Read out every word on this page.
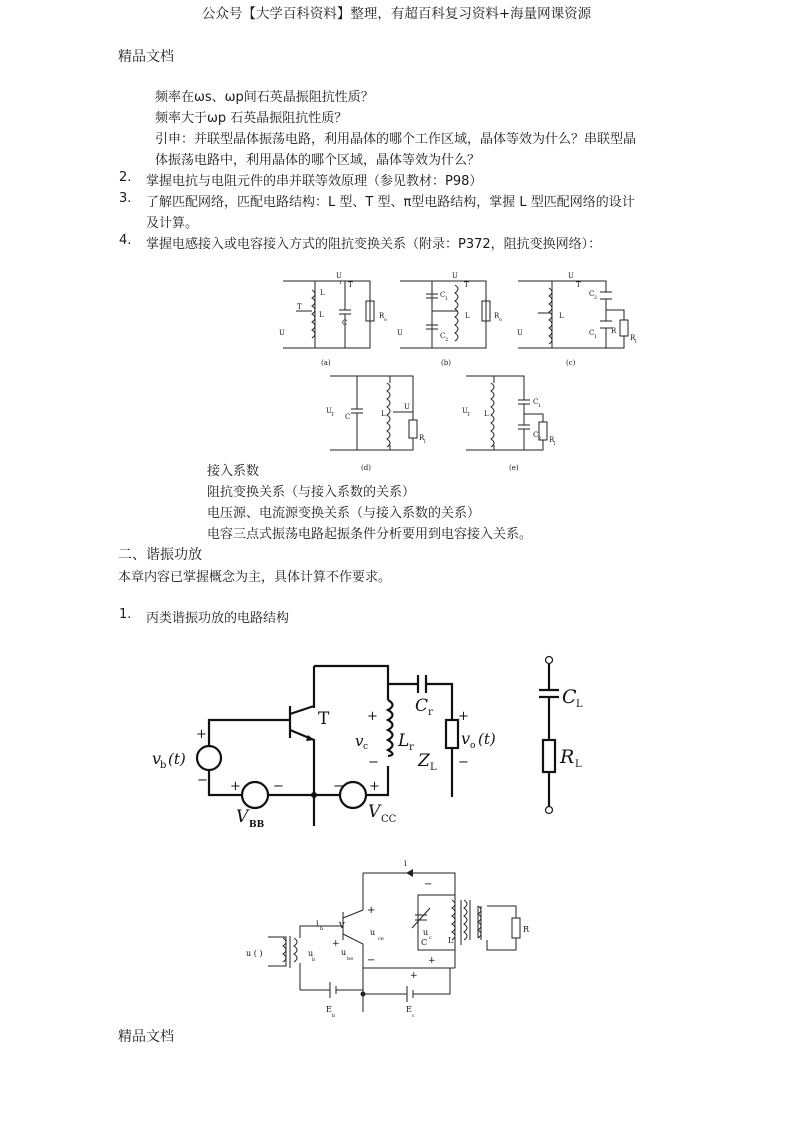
公众号【大学百科资料】整理，有超百科复习资料+海量网课资源
精品文档
精品文档
频率在ωs、ωp间石英晶振阻抗性质？
频率大于ωp 石英晶振阻抗性质？
引申：并联型晶体振荡电路，利用晶体的哪个工作区域，晶体等效为什么？串联型晶
体振荡电路中，利用晶体的哪个区域，晶体等效为什么？
2. 掌握电抗与电阻元件的串并联等效原理（参见教材：P98）
3. 了解匹配网络，匹配电路结构：L 型、T 型、π型电路结构，掌握 L 型匹配网络的设计
及计算。
4. 掌握电感接入或电容接入方式的阻抗变换关系（附录：P372，阻抗变换网络）：
T
U
T T
L
L
C
R o
U
(a)
C 1
C 2
U
T
L	R o
U
(b)
U
T
C 2
C 1
L
R
R l
U
(c)
U T C	L
U
R l
(d)
U T L
C 1
C 2 R l
(e)
接入系数
阻抗变换关系（与接入系数的关系）
电压源、电流源变换关系（与接入系数的关系）
电容三点式振荡电路起振条件分析要用到电容接入关系。
二、谐振功放
本章内容已掌握概念为主，具体计算不作要求。
1. 丙类谐振功放的电路结构
T
v
b (t)
+
− + −
V BB
− +
V CC
+
v c
−
L r
C r
Z L
+
v o (t)
−
C L
R L
i
−
V
+
i
b
+
−
u
ce
u
be
u
b
u ( )
u
c
C	L
R
+
+
E
b
E
c
